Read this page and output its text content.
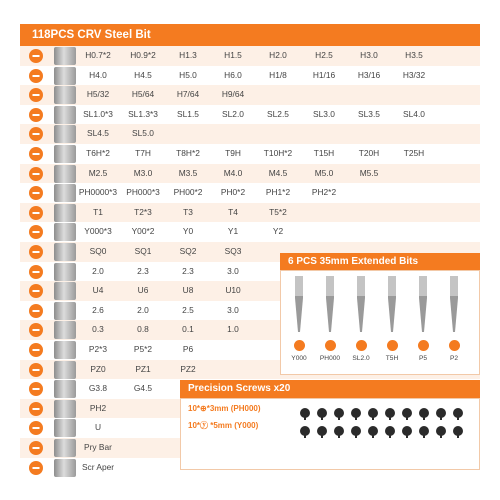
118PCS CRV Steel Bit
H0.7*2	H0.9*2	H1.3	H1.5	H2.0	H2.5	H3.0	H3.5
H4.0	H4.5	H5.0	H6.0	H1/8	H1/16	H3/16	H3/32
H5/32	H5/64	H7/64	H9/64
SL1.0*3	SL1.3*3	SL1.5	SL2.0	SL2.5	SL3.0	SL3.5	SL4.0
SL4.5	SL5.0
T6H*2	T7H	T8H*2	T9H	T10H*2	T15H	T20H	T25H
M2.5	M3.0	M3.5	M4.0	M4.5	M5.0	M5.5
PH0000*3	PH000*3	PH00*2	PH0*2	PH1*2	PH2*2
T1	T2*3	T3	T4	T5*2
Y000*3	Y00*2	Y0	Y1	Y2
SQ0	SQ1	SQ2	SQ3
2.0	2.3	2.3	3.0
U4	U6	U8	U10
2.6	2.0	2.5	3.0
0.3	0.8	0.1	1.0
P2*3	P5*2	P6
PZ0	PZ1	PZ2
G3.8	G4.5
PH2
U
Pry Bar
Scr Aper
6 PCS 35mm Extended Bits
Y000	PH000	SL2.0	T5H	P5	P2
Precision Screws x20
10*⊕*3mm (PH000)
10*ⓨ *5mm (Y000)
